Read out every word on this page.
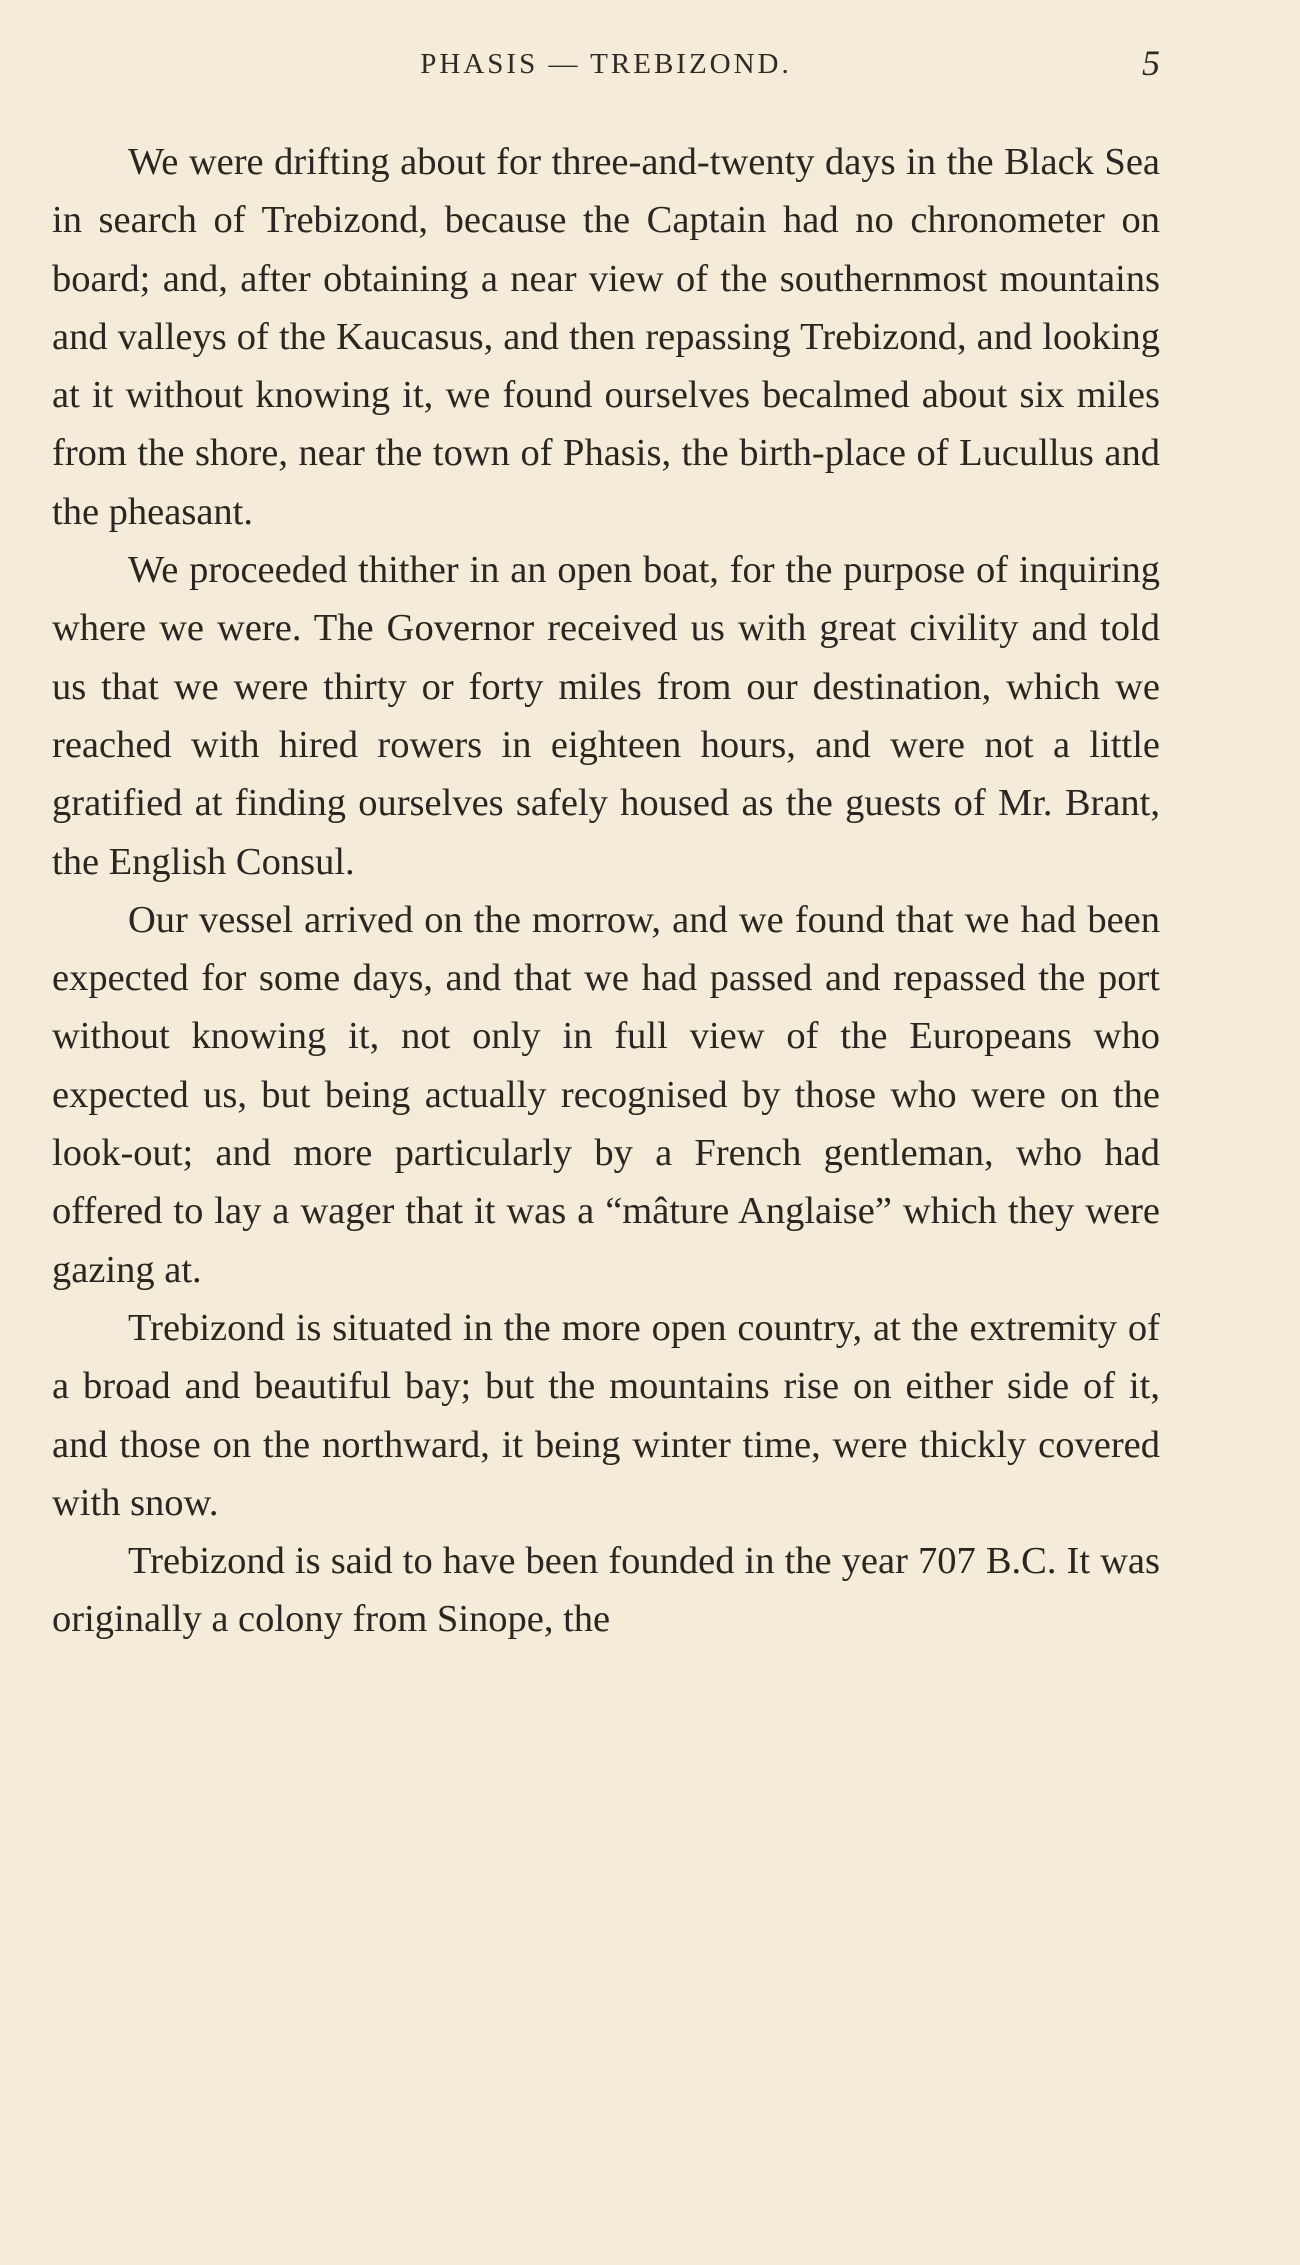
PHASIS — TREBIZOND.	5

We were drifting about for three-and-twenty days in the Black Sea in search of Trebizond, because the Captain had no chronometer on board; and, after obtaining a near view of the southernmost mountains and valleys of the Kaucasus, and then repassing Trebizond, and looking at it without knowing it, we found ourselves becalmed about six miles from the shore, near the town of Phasis, the birth-place of Lucullus and the pheasant.

We proceeded thither in an open boat, for the purpose of inquiring where we were. The Governor received us with great civility and told us that we were thirty or forty miles from our destination, which we reached with hired rowers in eighteen hours, and were not a little gratified at finding ourselves safely housed as the guests of Mr. Brant, the English Consul.

Our vessel arrived on the morrow, and we found that we had been expected for some days, and that we had passed and repassed the port without knowing it, not only in full view of the Europeans who expected us, but being actually recognised by those who were on the look-out; and more particularly by a French gentleman, who had offered to lay a wager that it was a “mâture Anglaise” which they were gazing at.

Trebizond is situated in the more open country, at the extremity of a broad and beautiful bay; but the mountains rise on either side of it, and those on the northward, it being winter time, were thickly covered with snow.

Trebizond is said to have been founded in the year 707 B.C. It was originally a colony from Sinope, the
